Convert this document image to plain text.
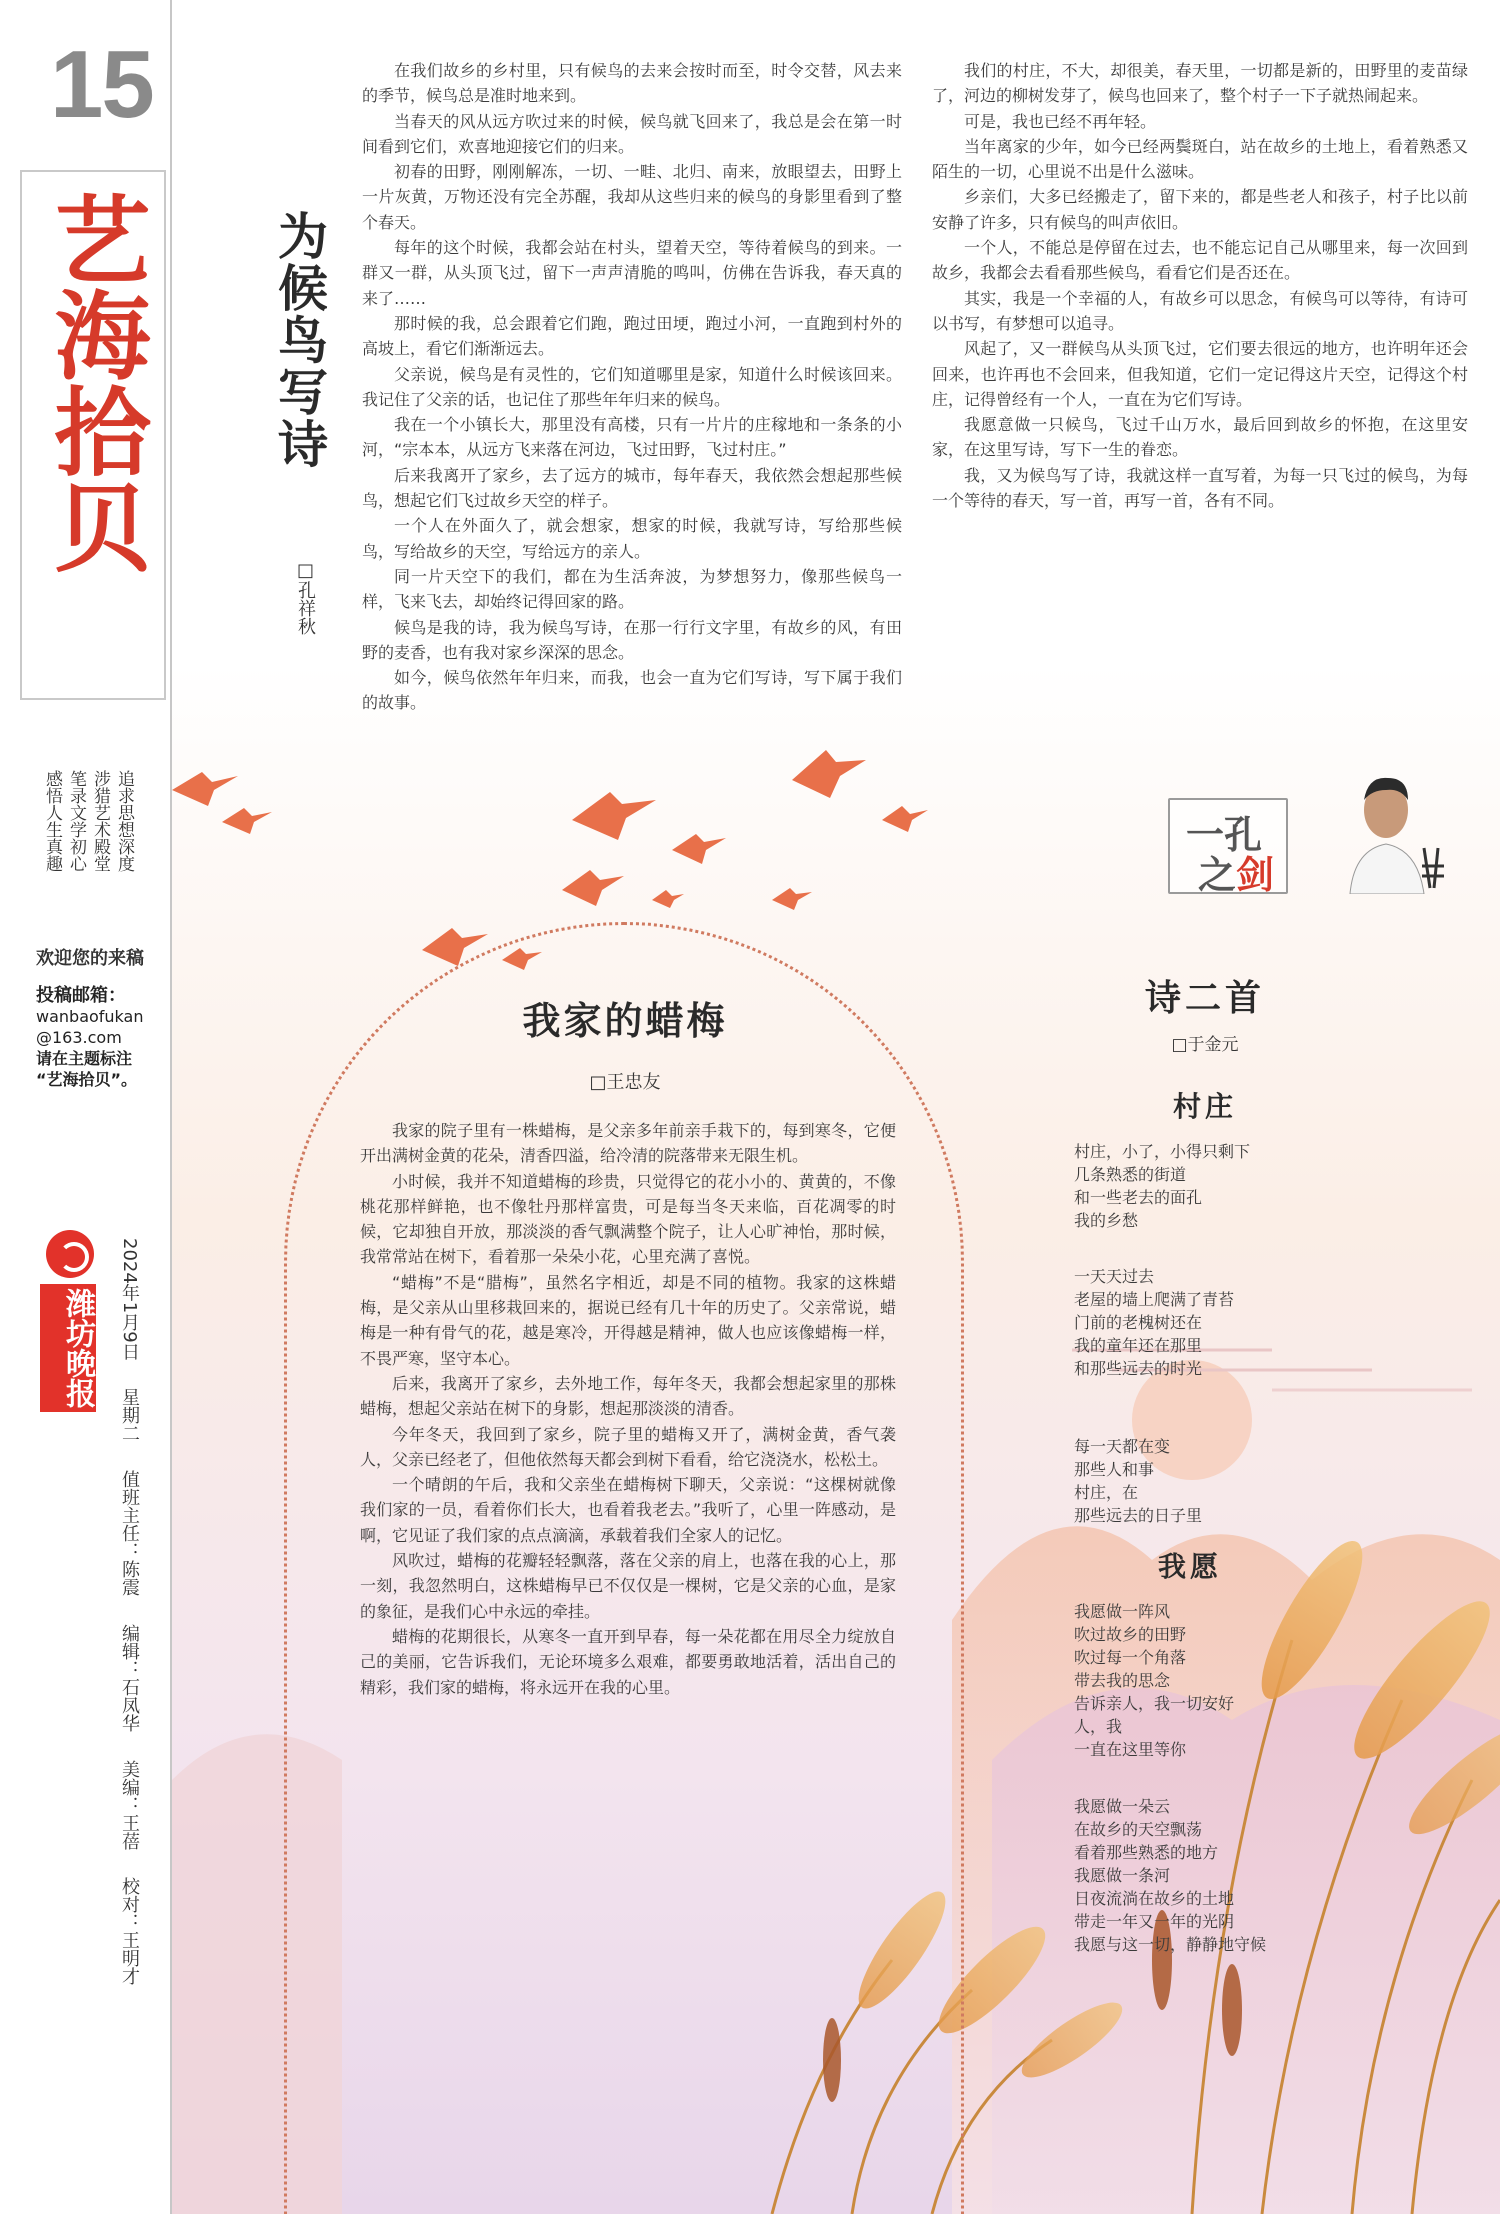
15
艺海拾贝
追求思想深度
涉猎艺术殿堂
笔录文学初心
感悟人生真趣
欢迎您的来稿
投稿邮箱：
wanbaofukan
@163.com
请在主题标注
“艺海拾贝”。
潍坊晚报 2024年1月9日 星期二 值班主任：陈震 编辑：石凤华 美编：王蓓 校对：王明才
为候鸟写诗
□孔祥秋

在我们故乡的乡村里，只有候鸟的去来会按时而至，时令交替，风去来的季节，候鸟总是准时地来到。

当春天的风从远方吹过来的时候，候鸟就飞回来了，我总是会在第一时间看到它们，欢喜地迎接它们的归来。

初春的田野，刚刚解冻，一切、一畦、北归、南来，放眼望去，田野上一片灰黄，万物还没有完全苏醒，我却从这些归来的候鸟的身影里看到了整个春天。

每年的这个时候，我都会站在村头，望着天空，等待着候鸟的到来。一群又一群，从头顶飞过，留下一声声清脆的鸣叫，仿佛在告诉我，春天真的来了……

那时候的我，总会跟着它们跑，跑过田埂，跑过小河，一直跑到村外的高坡上，看它们渐渐远去。

父亲说，候鸟是有灵性的，它们知道哪里是家，知道什么时候该回来。我记住了父亲的话，也记住了那些年年归来的候鸟。

我在一个小镇长大，那里没有高楼，只有一片片的庄稼地和一条条的小河，“宗本本，从远方飞来落在河边，飞过田野，飞过村庄。”

后来我离开了家乡，去了远方的城市，每年春天，我依然会想起那些候鸟，想起它们飞过故乡天空的样子。

一个人在外面久了，就会想家，想家的时候，我就写诗，写给那些候鸟，写给故乡的天空，写给远方的亲人。

同一片天空下的我们，都在为生活奔波，为梦想努力，像那些候鸟一样，飞来飞去，却始终记得回家的路。

候鸟是我的诗，我为候鸟写诗，在那一行行文字里，有故乡的风，有田野的麦香，也有我对家乡深深的思念。

如今，候鸟依然年年归来，而我，也会一直为它们写诗，写下属于我们的故事。

我们的村庄，不大，却很美，春天里，一切都是新的，田野里的麦苗绿了，河边的柳树发芽了，候鸟也回来了，整个村子一下子就热闹起来。

可是，我也已经不再年轻。

当年离家的少年，如今已经两鬓斑白，站在故乡的土地上，看着熟悉又陌生的一切，心里说不出是什么滋味。

乡亲们，大多已经搬走了，留下来的，都是些老人和孩子，村子比以前安静了许多，只有候鸟的叫声依旧。

一个人，不能总是停留在过去，也不能忘记自己从哪里来，每一次回到故乡，我都会去看看那些候鸟，看看它们是否还在。

其实，我是一个幸福的人，有故乡可以思念，有候鸟可以等待，有诗可以书写，有梦想可以追寻。

风起了，又一群候鸟从头顶飞过，它们要去很远的地方，也许明年还会回来，也许再也不会回来，但我知道，它们一定记得这片天空，记得这个村庄，记得曾经有一个人，一直在为它们写诗。

我愿意做一只候鸟，飞过千山万水，最后回到故乡的怀抱，在这里安家，在这里写诗，写下一生的眷恋。

我，又为候鸟写了诗，我就这样一直写着，为每一只飞过的候鸟，为每一个等待的春天，写一首，再写一首，各有不同。

一孔
之剑
我家的蜡梅
□王忠友

我家的院子里有一株蜡梅，是父亲多年前亲手栽下的，每到寒冬，它便开出满树金黄的花朵，清香四溢，给冷清的院落带来无限生机。

小时候，我并不知道蜡梅的珍贵，只觉得它的花小小的、黄黄的，不像桃花那样鲜艳，也不像牡丹那样富贵，可是每当冬天来临，百花凋零的时候，它却独自开放，那淡淡的香气飘满整个院子，让人心旷神怡，那时候，我常常站在树下，看着那一朵朵小花，心里充满了喜悦。

“蜡梅”不是“腊梅”，虽然名字相近，却是不同的植物。我家的这株蜡梅，是父亲从山里移栽回来的，据说已经有几十年的历史了。父亲常说，蜡梅是一种有骨气的花，越是寒冷，开得越是精神，做人也应该像蜡梅一样，不畏严寒，坚守本心。

后来，我离开了家乡，去外地工作，每年冬天，我都会想起家里的那株蜡梅，想起父亲站在树下的身影，想起那淡淡的清香。

今年冬天，我回到了家乡，院子里的蜡梅又开了，满树金黄，香气袭人，父亲已经老了，但他依然每天都会到树下看看，给它浇浇水，松松土。

一个晴朗的午后，我和父亲坐在蜡梅树下聊天，父亲说：“这棵树就像我们家的一员，看着你们长大，也看着我老去。”我听了，心里一阵感动，是啊，它见证了我们家的点点滴滴，承载着我们全家人的记忆。

风吹过，蜡梅的花瓣轻轻飘落，落在父亲的肩上，也落在我的心上，那一刻，我忽然明白，这株蜡梅早已不仅仅是一棵树，它是父亲的心血，是家的象征，是我们心中永远的牵挂。

蜡梅的花期很长，从寒冬一直开到早春，每一朵花都在用尽全力绽放自己的美丽，它告诉我们，无论环境多么艰难，都要勇敢地活着，活出自己的精彩，我们家的蜡梅，将永远开在我的心里。

诗二首
□于金元
村庄
村庄，小了，小得只剩下
几条熟悉的街道
和一些老去的面孔
我的乡愁
一天天过去
老屋的墙上爬满了青苔
门前的老槐树还在
我的童年还在那里
和那些远去的时光
每一天都在变
那些人和事
村庄，在
那些远去的日子里
我愿
我愿做一阵风
吹过故乡的田野
吹过每一个角落
带去我的思念
告诉亲人，我一切安好
人，我
一直在这里等你
我愿做一朵云
在故乡的天空飘荡
看着那些熟悉的地方
我愿做一条河
日夜流淌在故乡的土地
带走一年又一年的光阴
我愿与这一切，静静地守候
